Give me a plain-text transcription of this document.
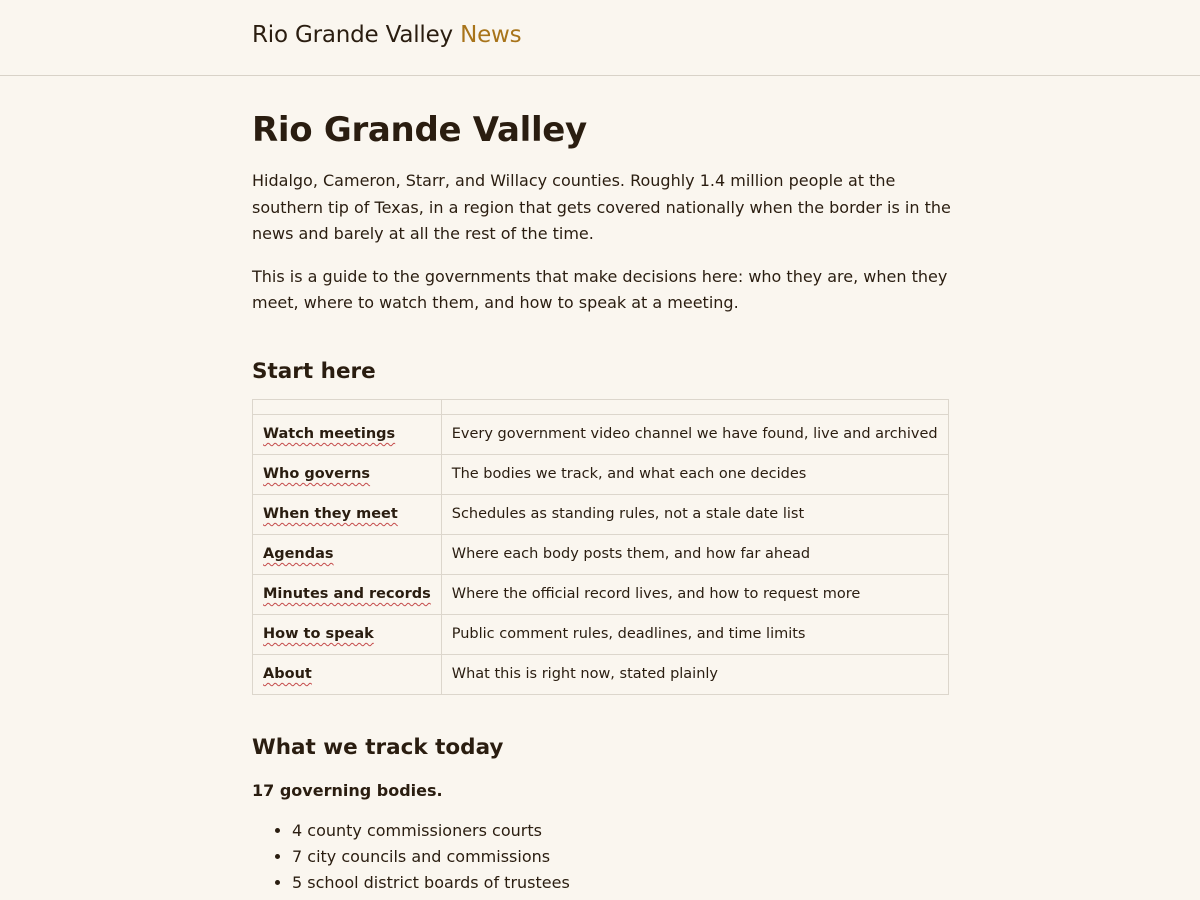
Rio Grande Valley News
Rio Grande Valley

Hidalgo, Cameron, Starr, and Willacy counties. Roughly 1.4 million people at the southern tip of Texas, in a region that gets covered nationally when the border is in the news and barely at all the rest of the time.

This is a guide to the governments that make decisions here: who they are, when they meet, where to watch them, and how to speak at a meeting.

Start here

Watch meetings	Every government video channel we have found, live and archived
Who governs	The bodies we track, and what each one decides
When they meet	Schedules as standing rules, not a stale date list
Agendas	Where each body posts them, and how far ahead
Minutes and records	Where the official record lives, and how to request more
How to speak	Public comment rules, deadlines, and time limits
About	What this is right now, stated plainly
What we track today

17 governing bodies.

• 4 county commissioners courts
• 7 city councils and commissions
• 5 school district boards of trustees
